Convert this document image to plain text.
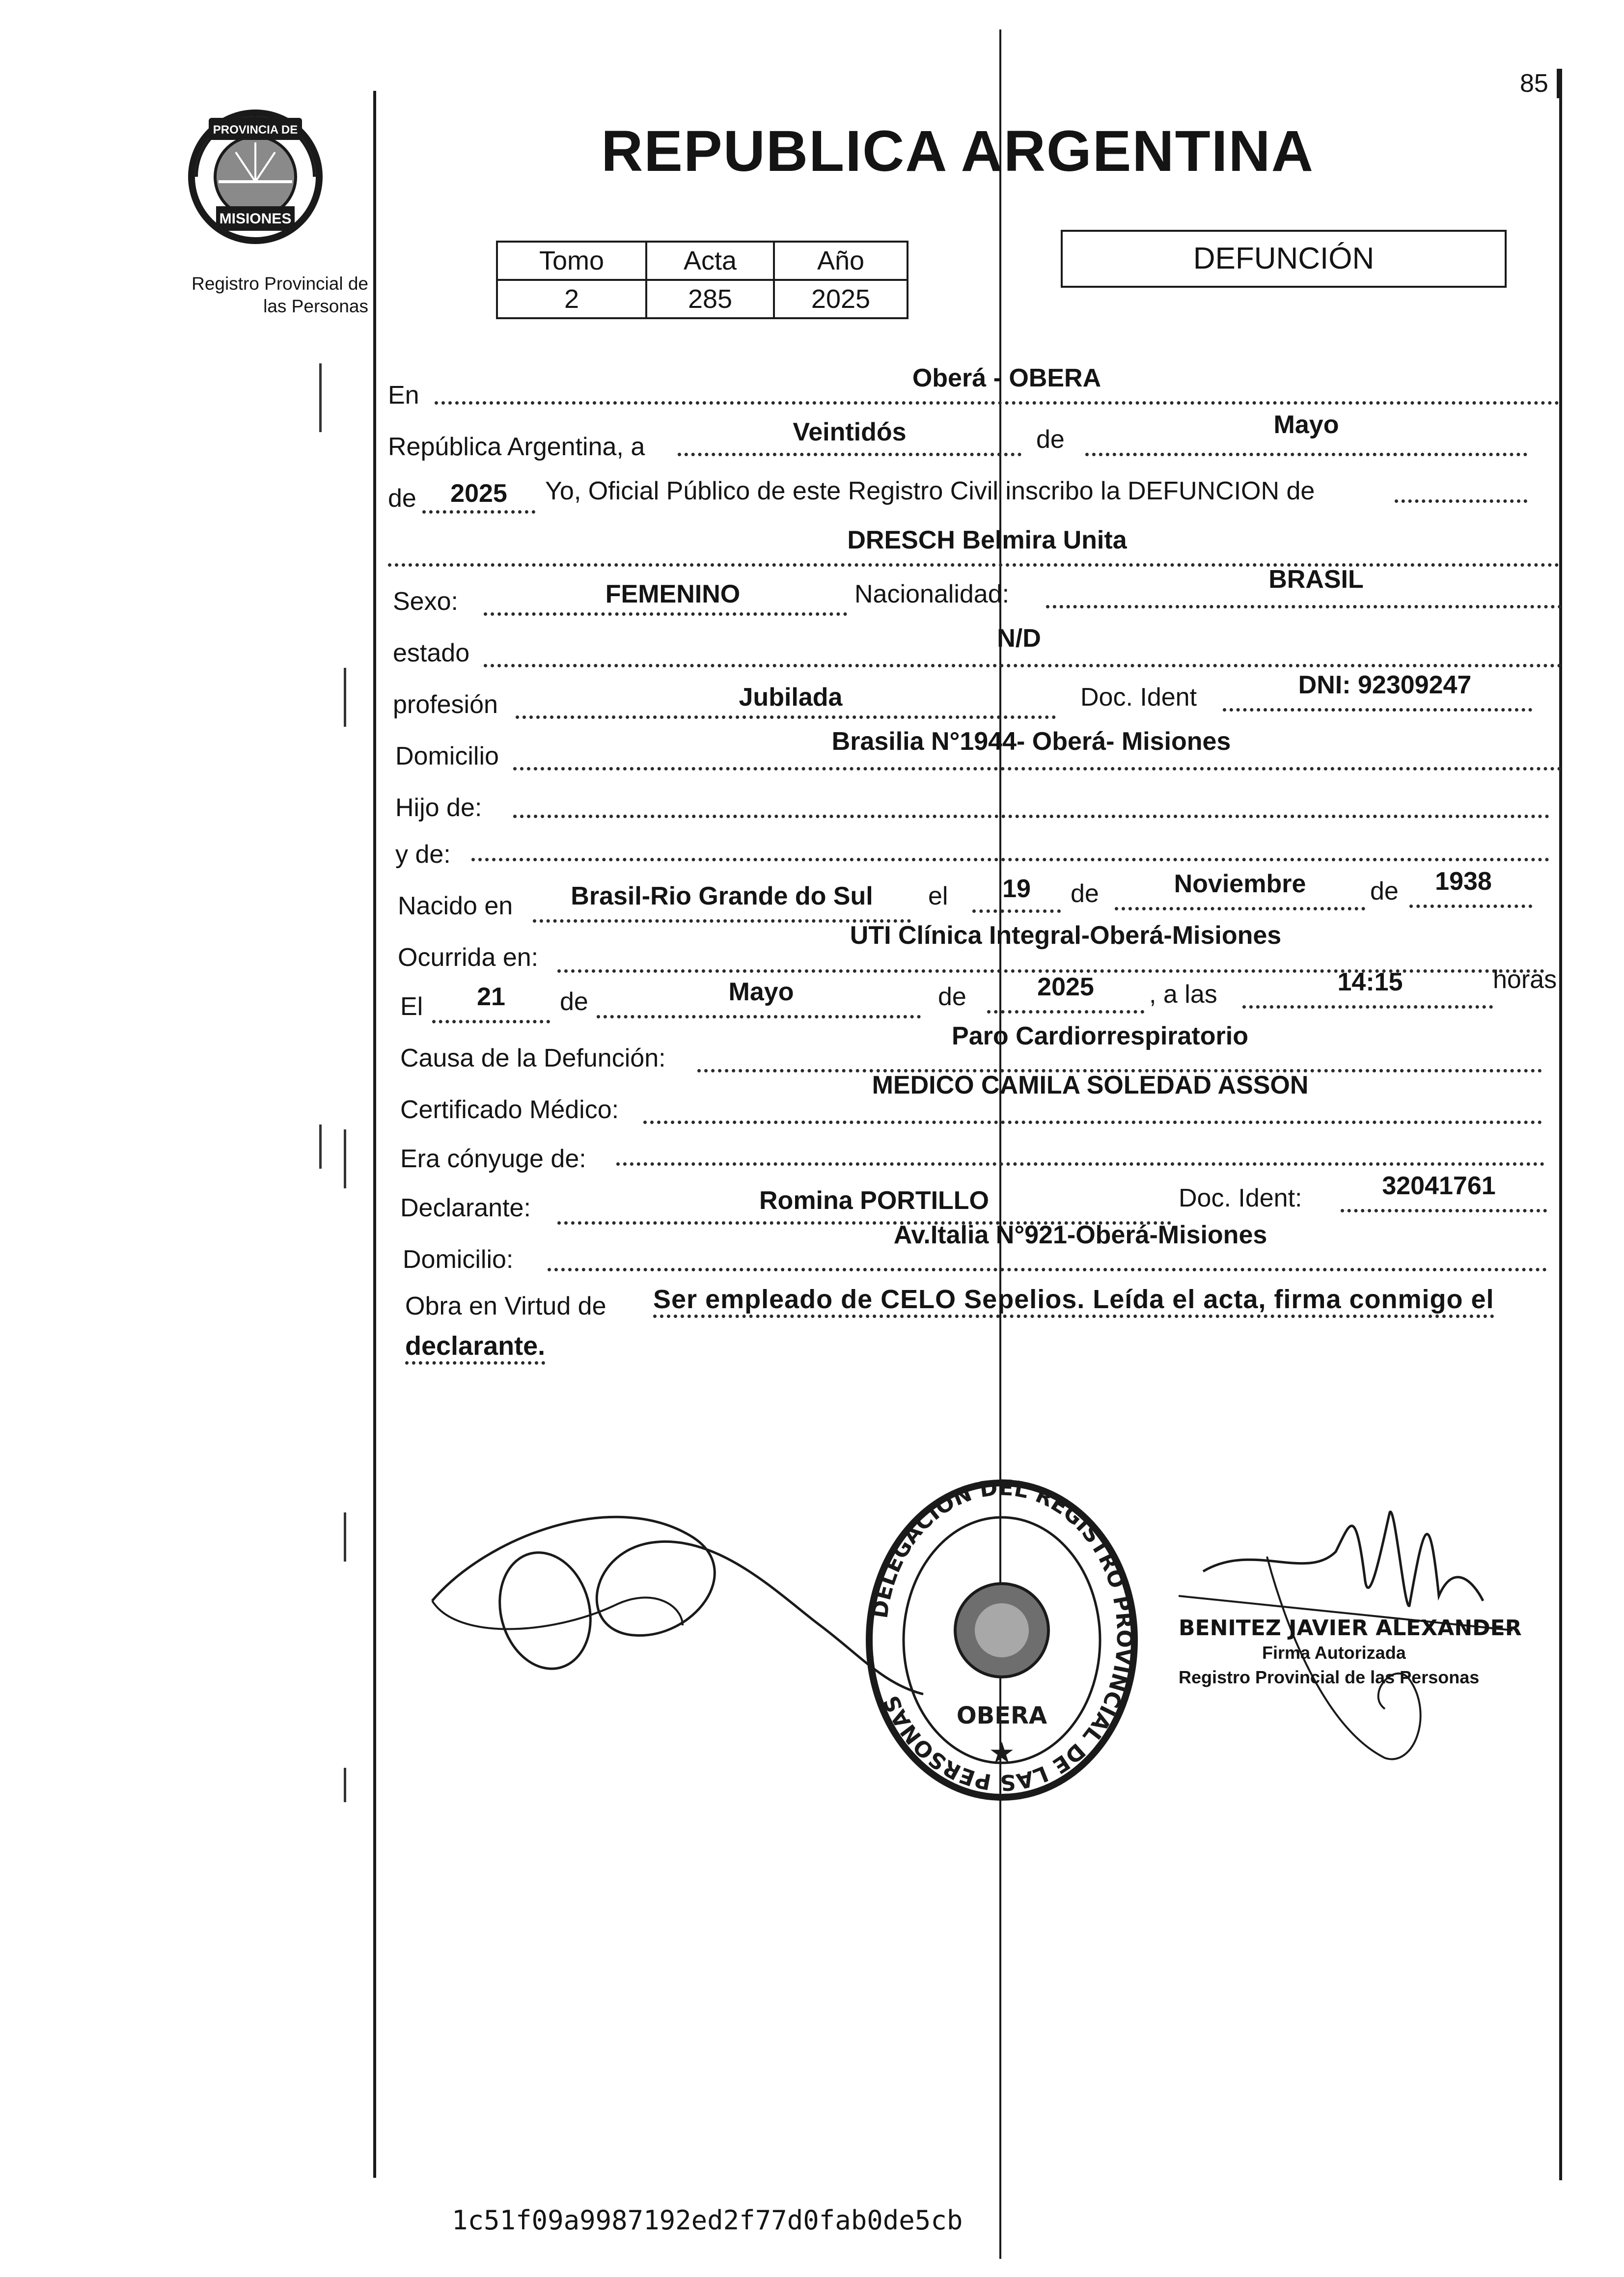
85
PROVINCIA DE
MISIONES
Registro Provincial de
las Personas
REPUBLICA ARGENTINA
Tomo	Acta	Año
2	285	2025
DEFUNCIÓN
En
Oberá - OBERA
República Argentina, a
Veintidós	de
Mayo
de	2025	Yo, Oficial Público de este Registro Civil inscribo la DEFUNCION de
DRESCH Belmira Unita
Sexo:	FEMENINO	Nacionalidad:
BRASIL
estado
N/D
profesión	Jubilada	Doc. Ident	DNI: 92309247
Domicilio
Brasilia N°1944- Oberá- Misiones
Hijo de:
y de:
Nacido en	Brasil-Rio Grande do Sul	el	19	de	Noviembre	de	1938
Ocurrida en:
UTI Clínica Integral-Oberá-Misiones
El	21	de	Mayo	de	2025	, a las	14:15	horas
Causa de la Defunción:
Paro Cardiorrespiratorio
Certificado Médico:
MEDICO CAMILA SOLEDAD ASSON
Era cónyuge de:
Declarante:	Romina PORTILLO	Doc. Ident:	32041761
Domicilio:
Av.Italia N°921-Oberá-Misiones
Obra en Virtud de Ser empleado de CELO Sepelios. Leída el acta, firma conmigo el
declarante.
DELEGACION DEL REGISTRO PROVINCIAL DE LAS PERSONAS	OBERA
★
BENITEZ JAVIER ALEXANDER
Firma Autorizada
Registro Provincial de las Personas
1c51f09a9987192ed2f77d0fab0de5cb
